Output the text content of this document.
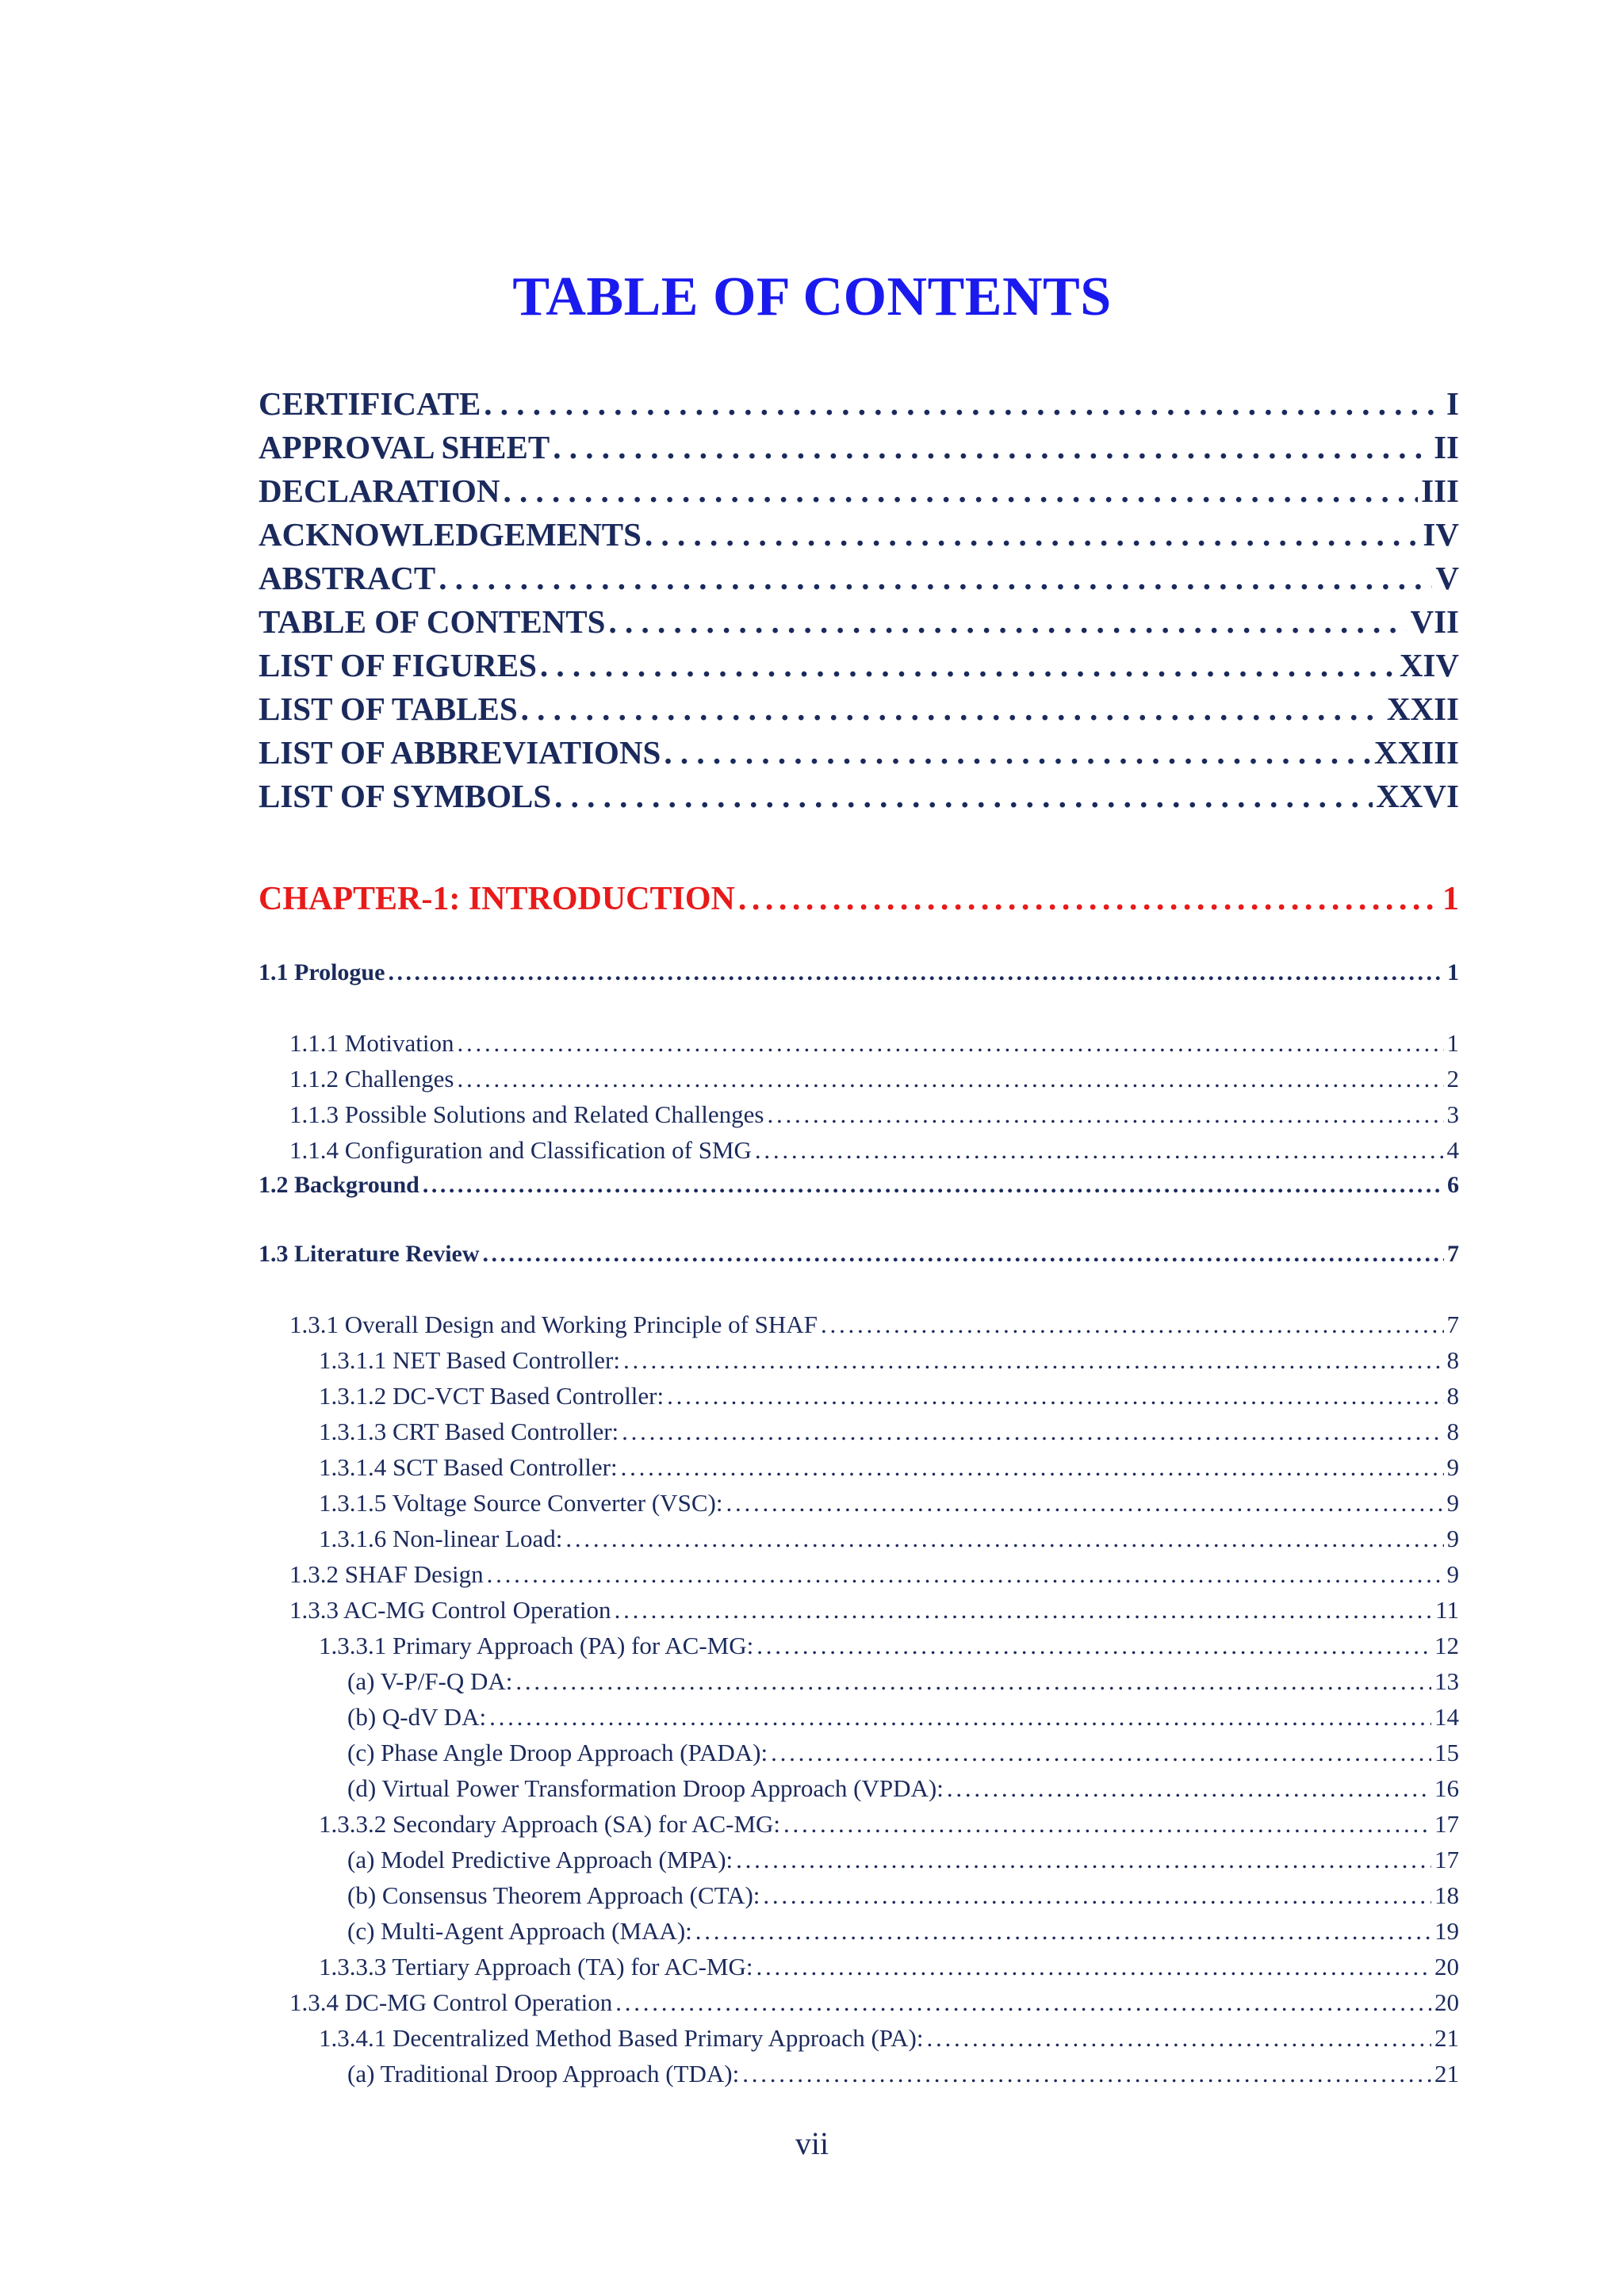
TABLE OF CONTENTS
CERTIFICATE . . .	I
APPROVAL SHEET . . .	II
DECLARATION . . .	III
ACKNOWLEDGEMENTS . . .	IV
ABSTRACT . . .	V
TABLE OF CONTENTS . . .	VII
LIST OF FIGURES . . .	XIV
LIST OF TABLES . . .	XXII
LIST OF ABBREVIATIONS . . .	XXIII
LIST OF SYMBOLS . . .	XXVI
CHAPTER-1: INTRODUCTION . . .	1
1.1 Prologue . . .	1
1.1.1 Motivation . . .	1
1.1.2 Challenges . . .	2
1.1.3 Possible Solutions and Related Challenges . . .	3
1.1.4 Configuration and Classification of SMG . . .	4
1.2 Background . . .	6
1.3 Literature Review . . .	7
1.3.1 Overall Design and Working Principle of SHAF . . .	7
1.3.1.1 NET Based Controller: . . .	8
1.3.1.2 DC-VCT Based Controller: . . .	8
1.3.1.3 CRT Based Controller: . . .	8
1.3.1.4 SCT Based Controller: . . .	9
1.3.1.5 Voltage Source Converter (VSC): . . .	9
1.3.1.6 Non-linear Load: . . .	9
1.3.2 SHAF Design . . .	9
1.3.3 AC-MG Control Operation . . .	11
1.3.3.1 Primary Approach (PA) for AC-MG: . . .	12
(a) V-P/F-Q DA: . . .	13
(b) Q-dV DA: . . .	14
(c) Phase Angle Droop Approach (PADA): . . .	15
(d) Virtual Power Transformation Droop Approach (VPDA): . . .	16
1.3.3.2 Secondary Approach (SA) for AC-MG: . . .	17
(a) Model Predictive Approach (MPA): . . .	17
(b) Consensus Theorem Approach (CTA): . . .	18
(c) Multi-Agent Approach (MAA): . . .	19
1.3.3.3 Tertiary Approach (TA) for AC-MG: . . .	20
1.3.4 DC-MG Control Operation . . .	20
1.3.4.1 Decentralized Method Based Primary Approach (PA): . . .	21
(a) Traditional Droop Approach (TDA): . . .	21
vii
